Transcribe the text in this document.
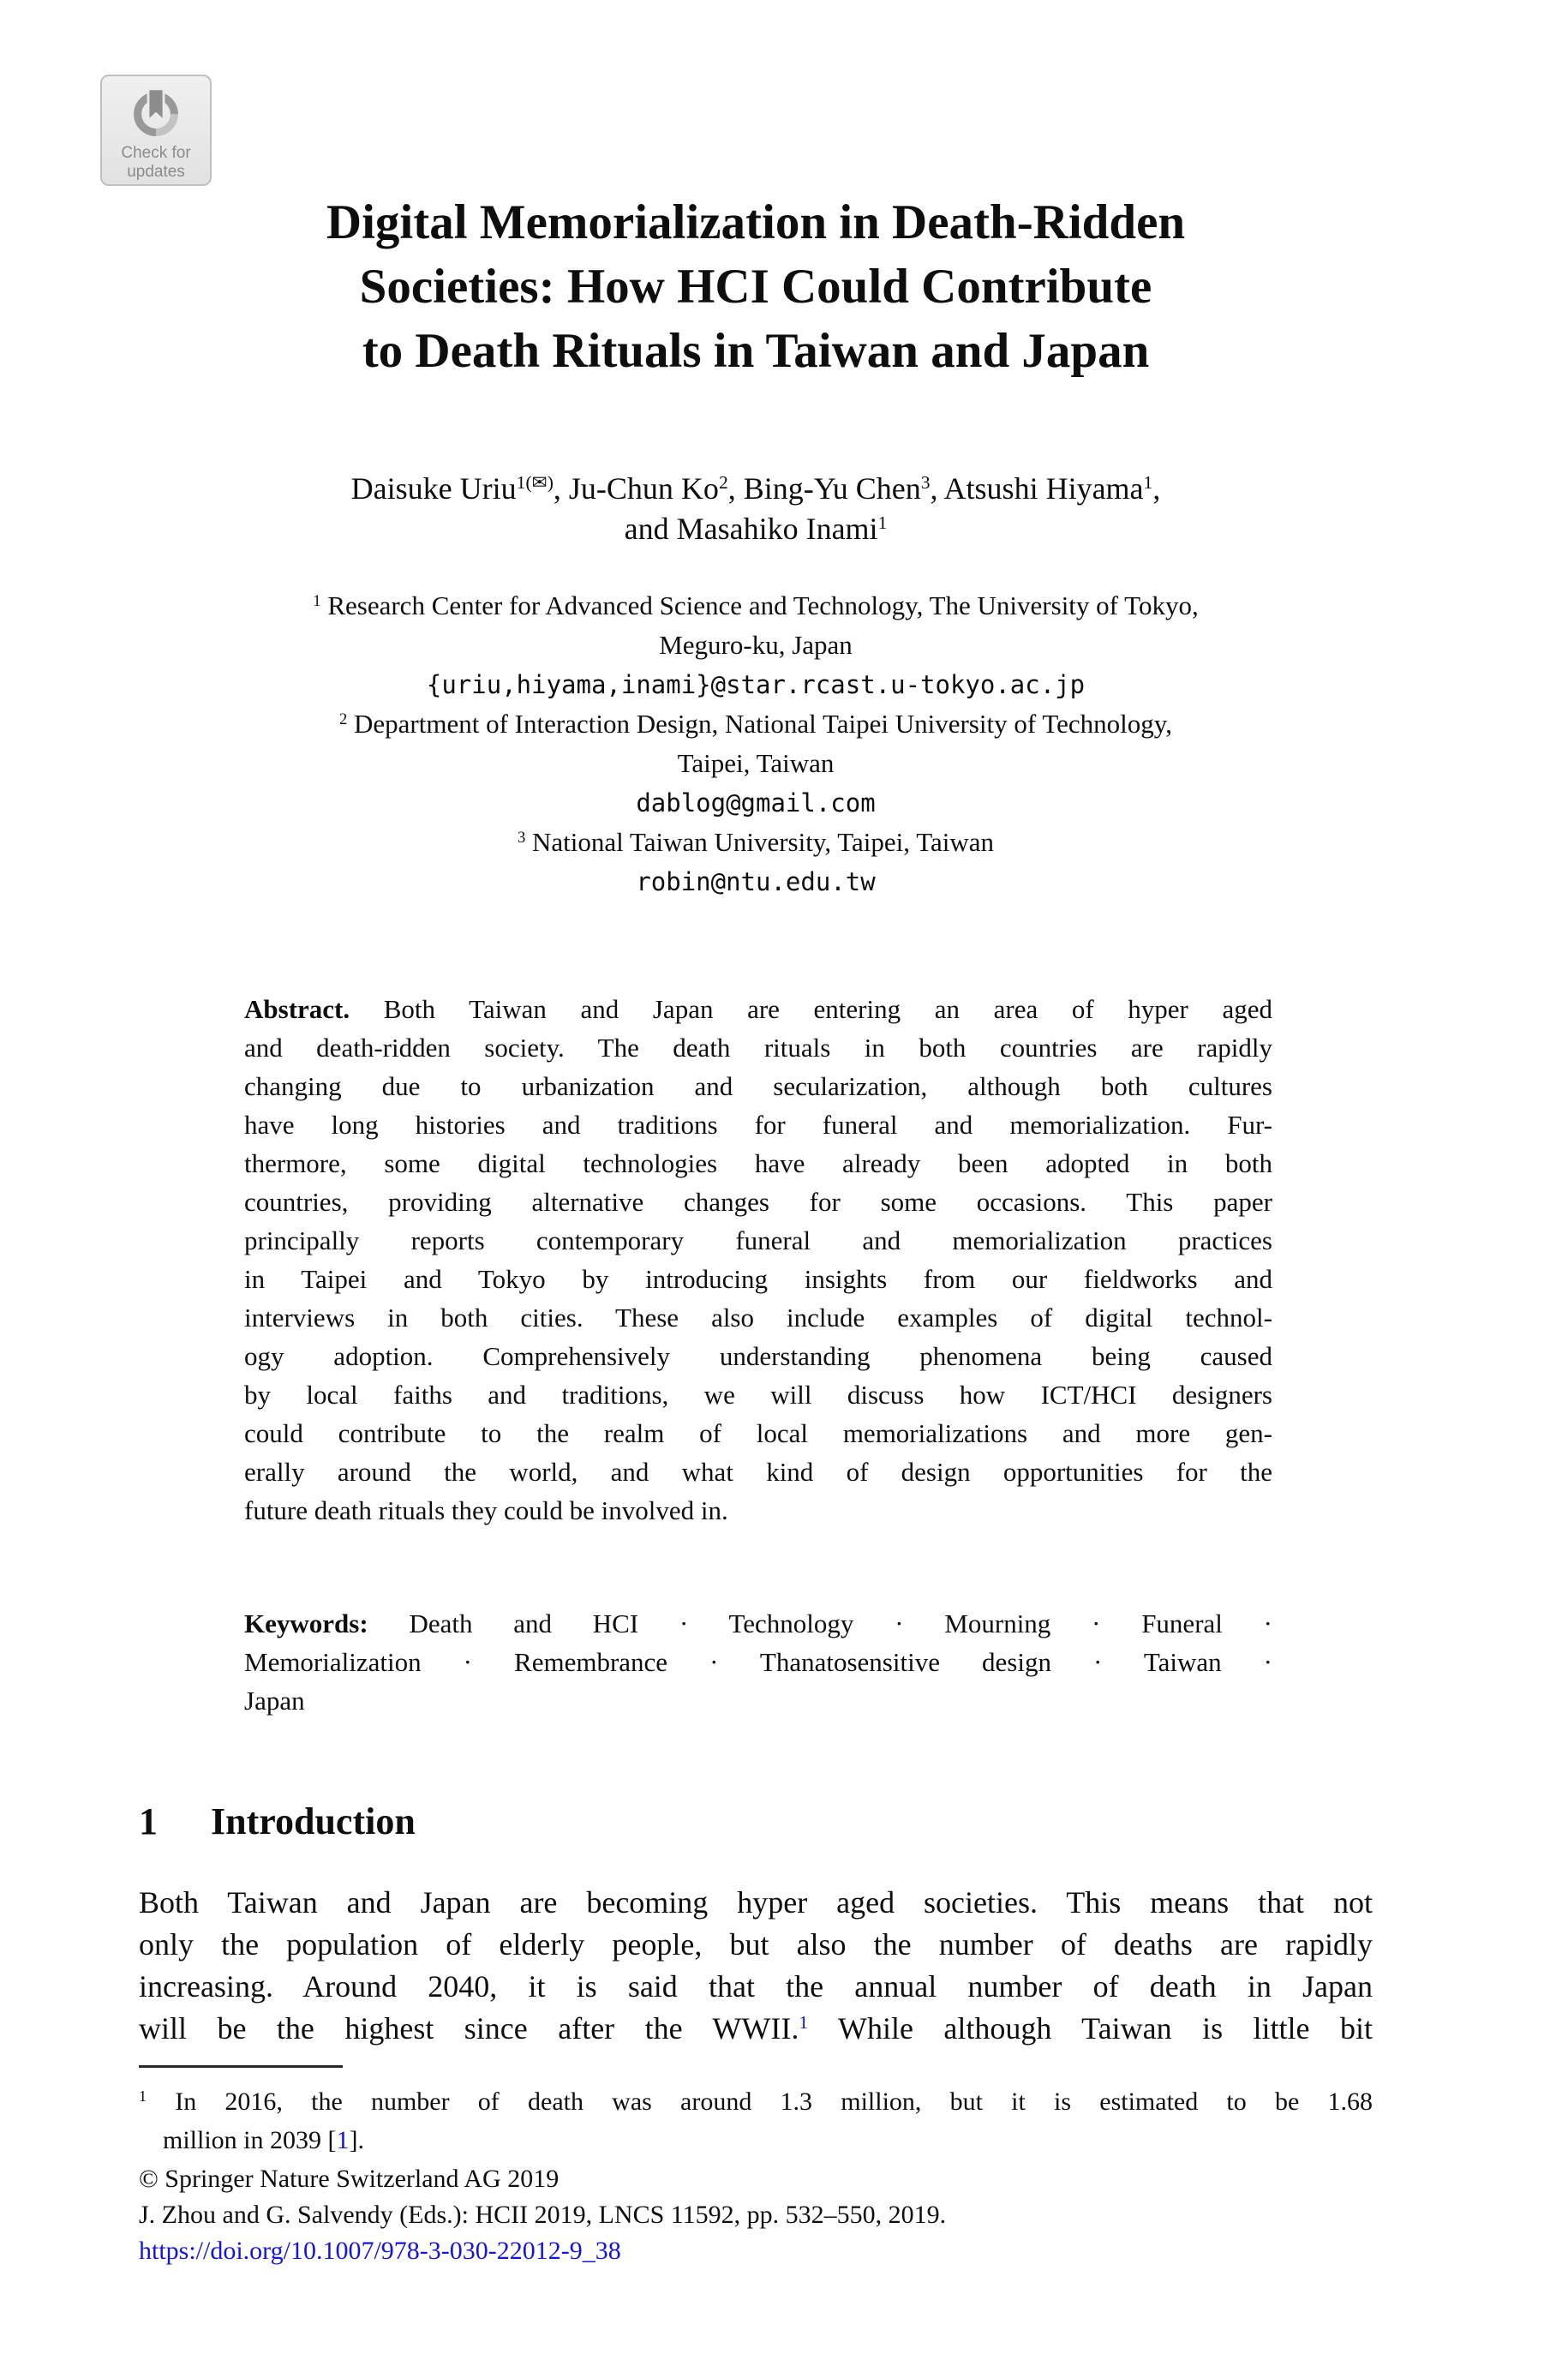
Check for
updates
Digital Memorialization in Death-Ridden
Societies: How HCI Could Contribute
to Death Rituals in Taiwan and Japan
Daisuke Uriu$^{1(✉)}$, Ju-Chun Ko$^2$, Bing-Yu Chen$^3$, Atsushi Hiyama$^1$,
and Masahiko Inami$^1$
$^1$ Research Center for Advanced Science and Technology, The University of Tokyo,
Meguro-ku, Japan
{uriu,hiyama,inami}@star.rcast.u-tokyo.ac.jp
$^2$ Department of Interaction Design, National Taipei University of Technology,
Taipei, Taiwan
dablog@gmail.com
$^3$ National Taiwan University, Taipei, Taiwan
robin@ntu.edu.tw
Abstract. Both Taiwan and Japan are entering an area of hyper aged
and death-ridden society. The death rituals in both countries are rapidly
changing due to urbanization and secularization, although both cultures
have long histories and traditions for funeral and memorialization. Fur-
thermore, some digital technologies have already been adopted in both
countries, providing alternative changes for some occasions. This paper
principally reports contemporary funeral and memorialization practices
in Taipei and Tokyo by introducing insights from our fieldworks and
interviews in both cities. These also include examples of digital technol-
ogy adoption. Comprehensively understanding phenomena being caused
by local faiths and traditions, we will discuss how ICT/HCI designers
could contribute to the realm of local memorializations and more gen-
erally around the world, and what kind of design opportunities for the
future death rituals they could be involved in.
Keywords: Death and HCI · Technology · Mourning · Funeral ·
Memorialization · Remembrance · Thanatosensitive design · Taiwan ·
Japan
1 Introduction
Both Taiwan and Japan are becoming hyper aged societies. This means that not
only the population of elderly people, but also the number of deaths are rapidly
increasing. Around 2040, it is said that the annual number of death in Japan
will be the highest since after the WWII.$^1$ While although Taiwan is little bit
$^1$ In 2016, the number of death was around 1.3 million, but it is estimated to be 1.68
million in 2039 [1].
© Springer Nature Switzerland AG 2019
J. Zhou and G. Salvendy (Eds.): HCII 2019, LNCS 11592, pp. 532–550, 2019.
https://doi.org/10.1007/978-3-030-22012-9_38
